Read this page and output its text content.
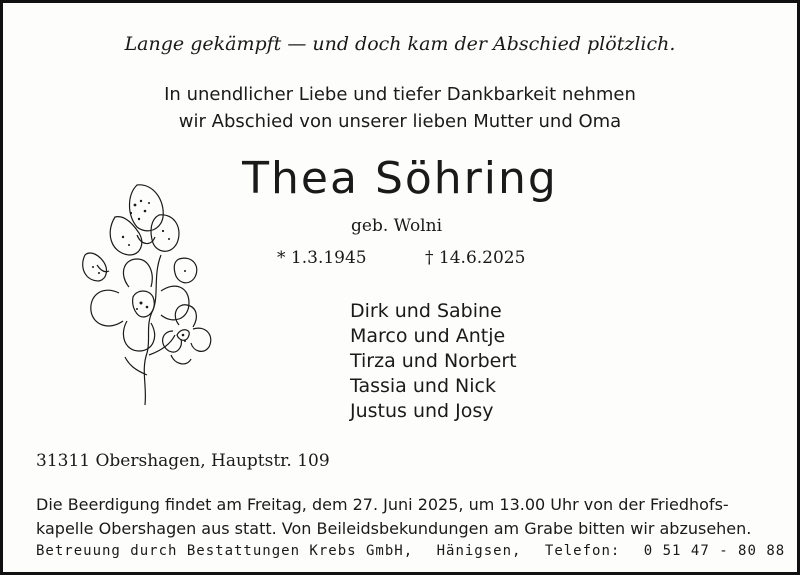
Lange gekämpft — und doch kam der Abschied plötzlich.
In unendlicher Liebe und tiefer Dankbarkeit nehmen
wir Abschied von unserer lieben Mutter und Oma
Thea Söhring
geb. Wolni
* 1.3.1945	† 14.6.2025
Dirk und Sabine
Marco und Antje
Tirza und Norbert
Tassia und Nick
Justus und Josy
31311 Obershagen, Hauptstr. 109
Die Beerdigung findet am Freitag, dem 27. Juni 2025, um 13.00 Uhr von der Friedhofs-
kapelle Obershagen aus statt. Von Beileidsbekundungen am Grabe bitten wir abzusehen.
Betreuung durch Bestattungen Krebs GmbH, Hänigsen, Telefon: 0 51 47 - 80 88
